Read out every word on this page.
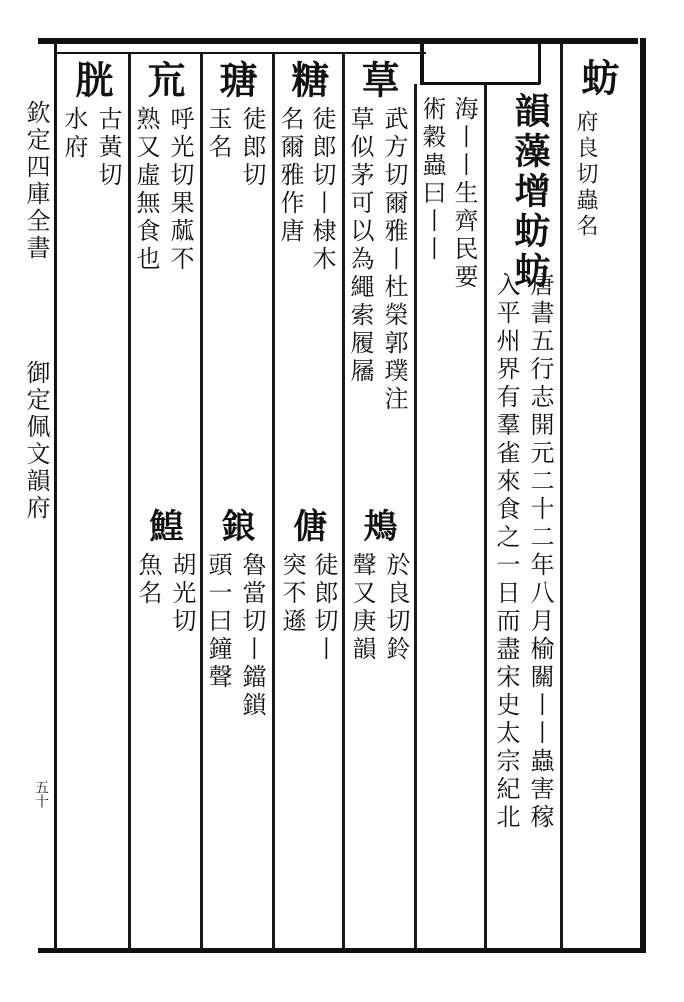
欽定四庫全書
御定佩文韻府
五十
蚄
府良切蟲名
韻藻增蚄蚄
唐書五行志開元二十二年八月榆關丨丨蟲害稼
入平州界有羣雀來食之一日而盡宋史太宗紀北
海丨丨生齊民要
術穀蟲曰丨丨
䓍
武方切爾雅丨杜榮郭璞注
草似茅可以為繩索履屩
鴂
於良切鈴
聲又庚韻
糖
徒郎切丨棣木
名爾雅作唐
傏
徒郎切丨
突不遜
瑭
徒郎切
玉名
鋃
魯當切丨鐺鎖
頭一曰鐘聲
巟
呼光切果蓏不
熟又虛無食也
鰉
胡光切
魚名
胱
古黃切
水府
